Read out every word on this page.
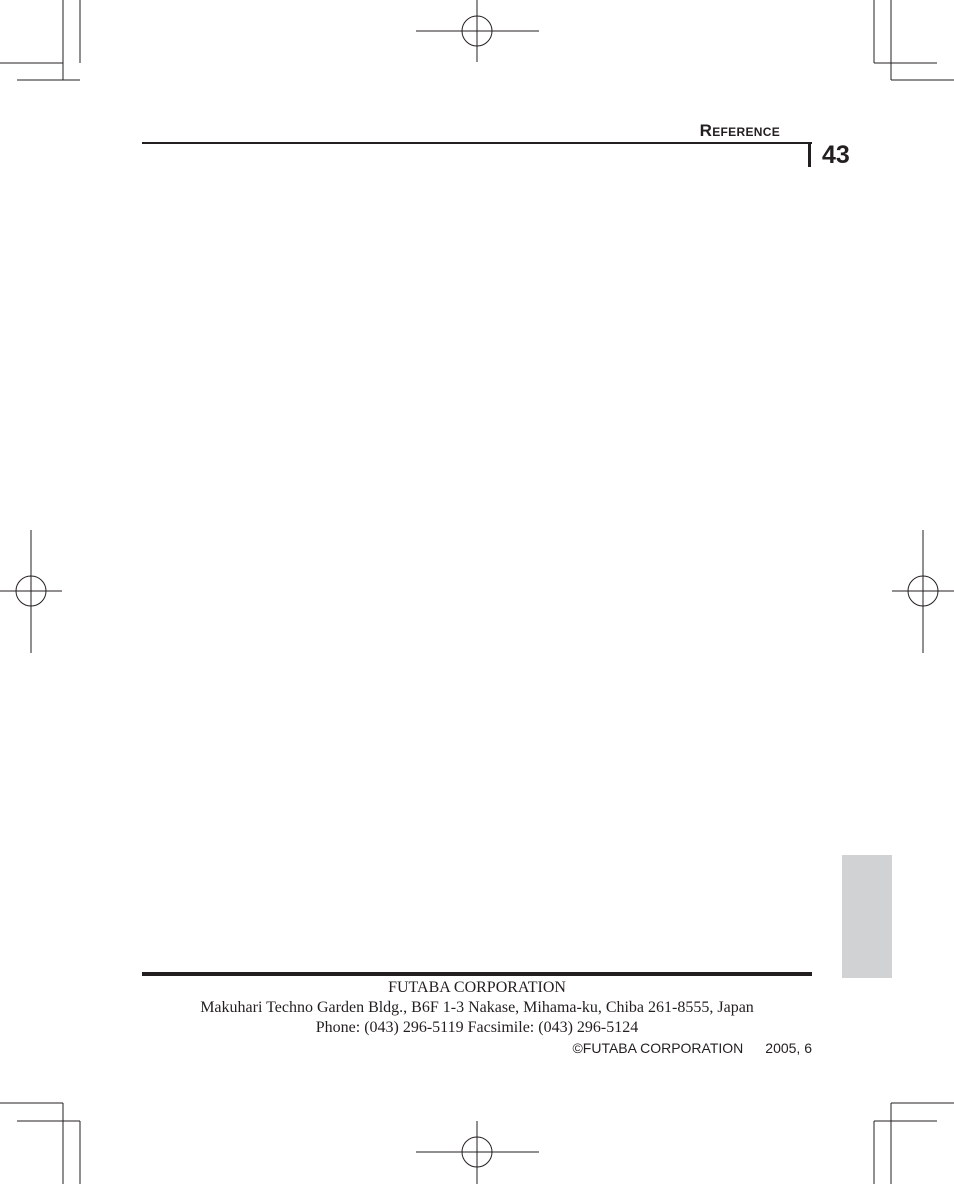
Reference
43
FUTABA CORPORATION
Makuhari Techno Garden Bldg., B6F 1-3 Nakase, Mihama-ku, Chiba 261-8555, Japan
Phone: (043) 296-5119 Facsimile: (043) 296-5124
©FUTABA CORPORATION 2005, 6
